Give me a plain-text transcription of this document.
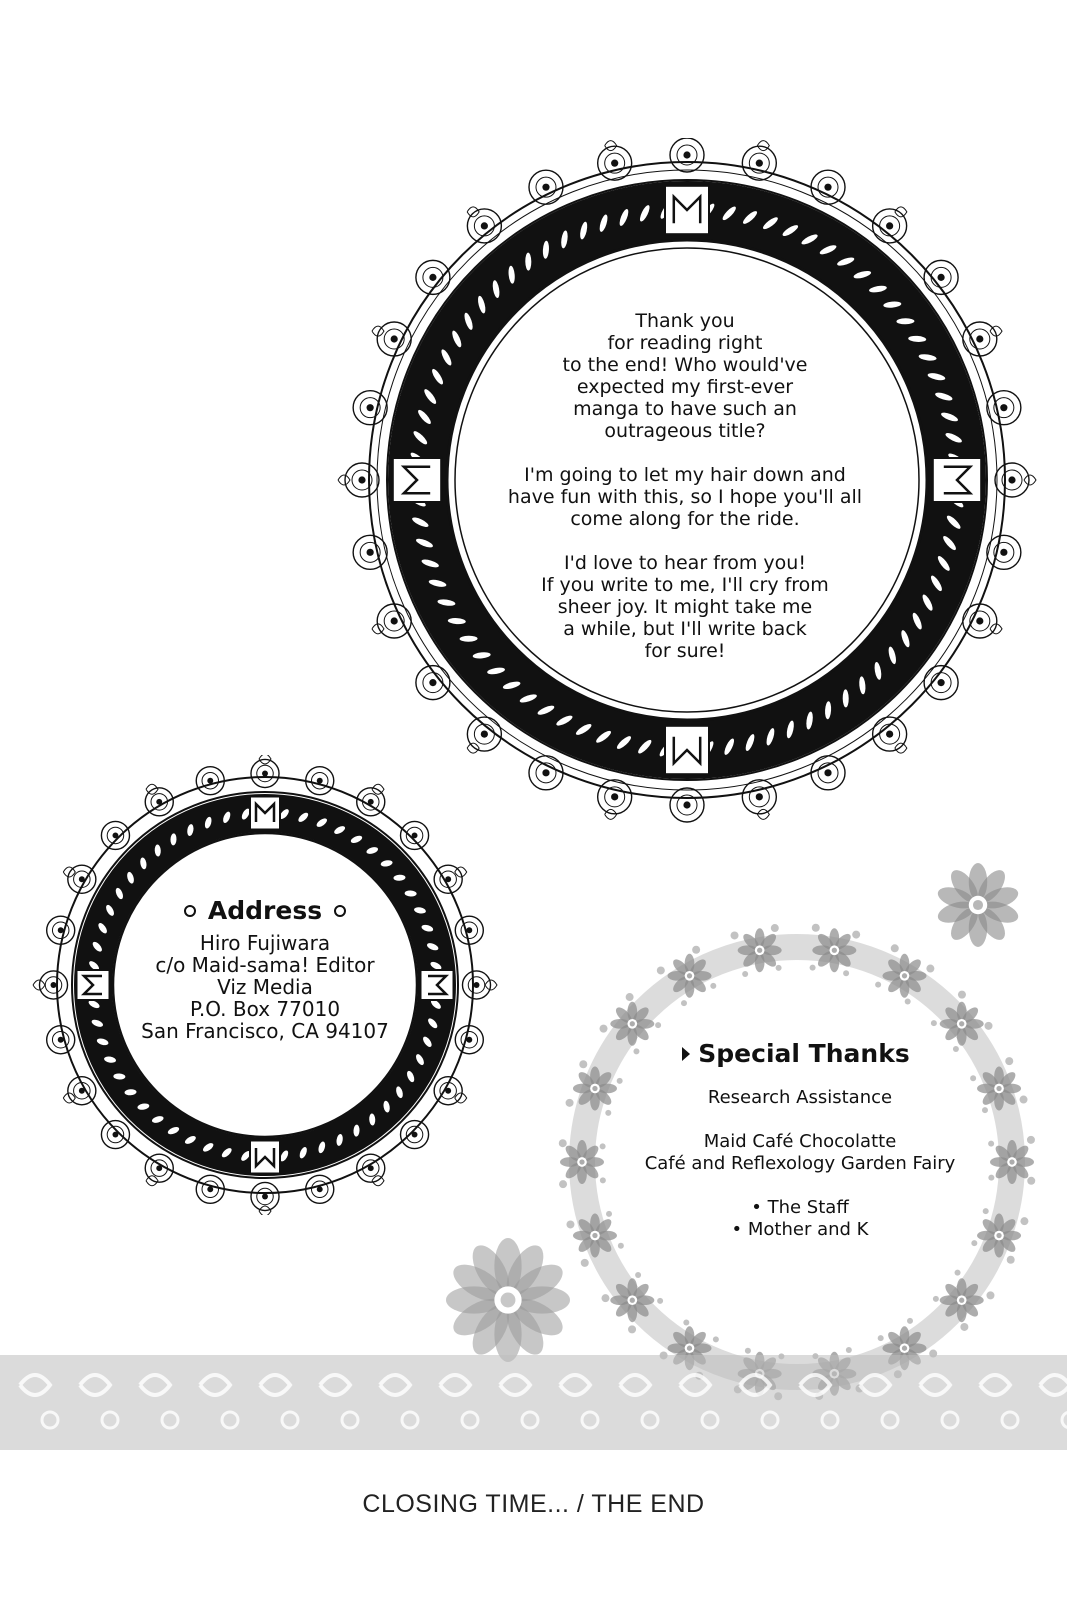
Thank you
for reading right
to the end! Who would've
expected my first-ever
manga to have such an
outrageous title?
I'm going to let my hair down and
have fun with this, so I hope you'll all
come along for the ride.
I'd love to hear from you!
If you write to me, I'll cry from
sheer joy. It might take me
a while, but I'll write back
for sure!
Address
Hiro Fujiwara
c/o Maid-sama! Editor
Viz Media
P.O. Box 77010
San Francisco, CA 94107
Special Thanks
Research Assistance
Maid Café Chocolatte
Café and Reflexology Garden Fairy
• The Staff
• Mother and K
CLOSING TIME... / THE END
